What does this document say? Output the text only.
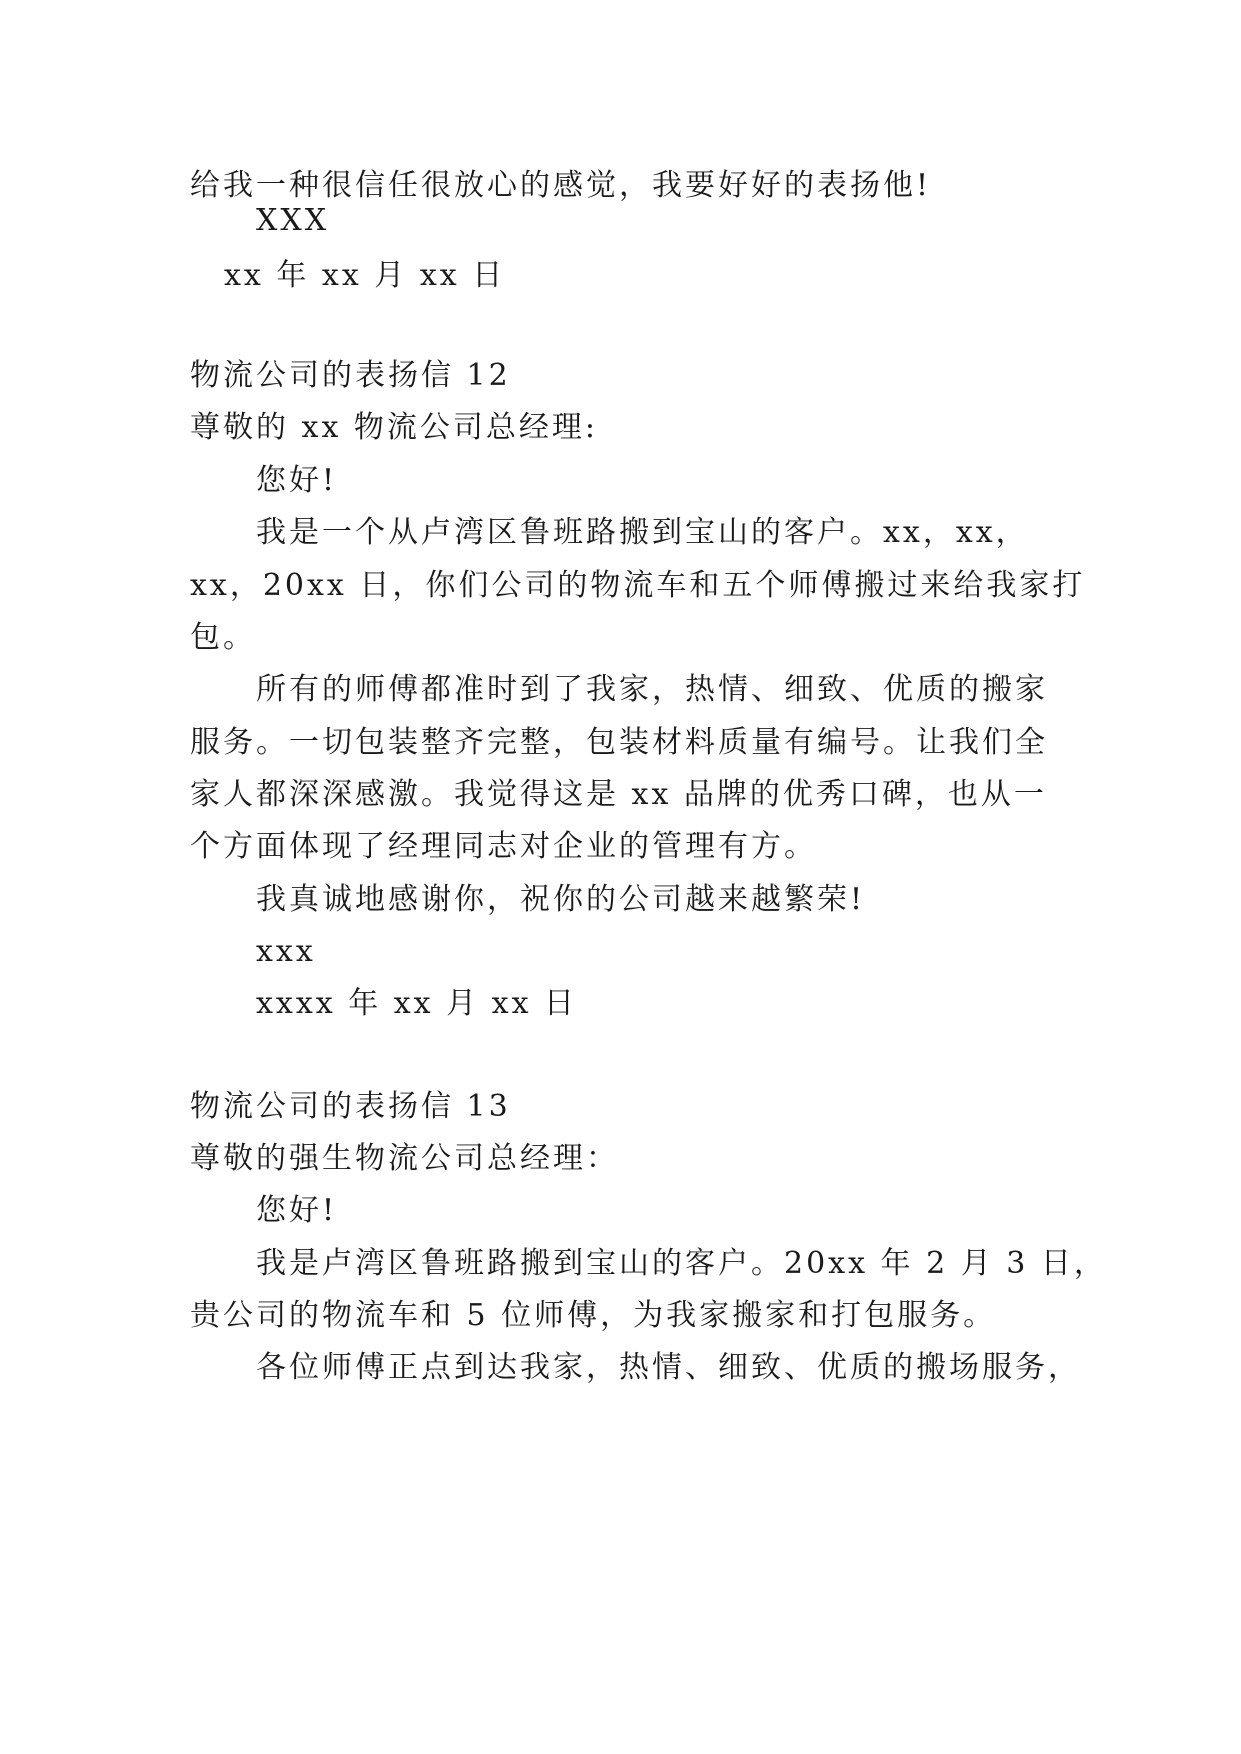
给我一种很信任很放心的感觉，我要好好的表扬他!
XXX
xx 年 xx 月 xx 日
物流公司的表扬信 12
尊敬的 xx 物流公司总经理:
您好!
我是一个从卢湾区鲁班路搬到宝山的客户。xx，xx，
xx，20xx 日，你们公司的物流车和五个师傅搬过来给我家打
包。
所有的师傅都准时到了我家，热情、细致、优质的搬家
服务。一切包装整齐完整，包装材料质量有编号。让我们全
家人都深深感激。我觉得这是 xx 品牌的优秀口碑，也从一
个方面体现了经理同志对企业的管理有方。
我真诚地感谢你，祝你的公司越来越繁荣!
xxx
xxxx 年 xx 月 xx 日
物流公司的表扬信 13
尊敬的强生物流公司总经理：
您好!
我是卢湾区鲁班路搬到宝山的客户。20xx 年 2 月 3 日，
贵公司的物流车和 5 位师傅，为我家搬家和打包服务。
各位师傅正点到达我家，热情、细致、优质的搬场服务，
